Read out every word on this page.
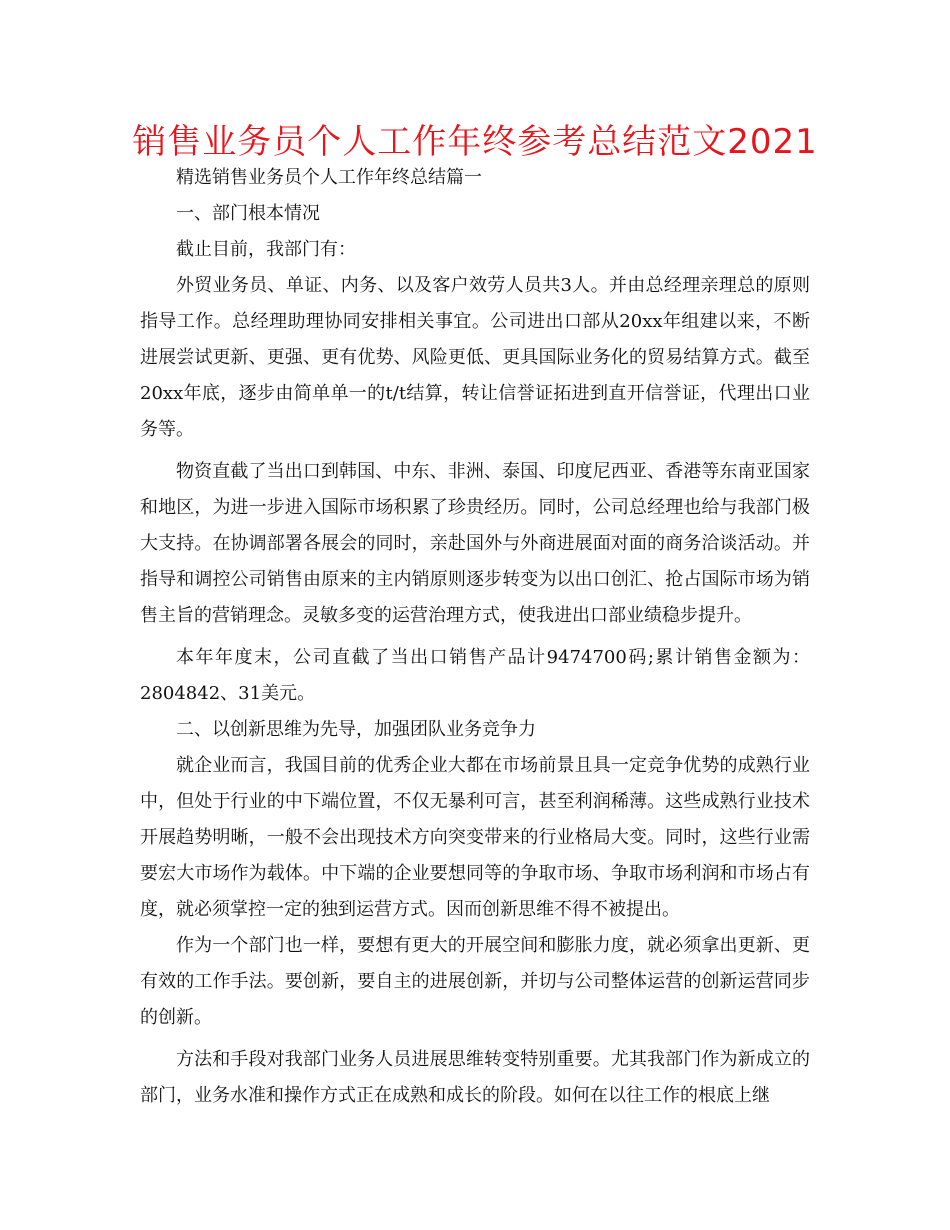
销售业务员个人工作年终参考总结范文2021

精选销售业务员个人工作年终总结篇一

一、部门根本情况

截止目前，我部门有：

外贸业务员、单证、内务、以及客户效劳人员共3人。并由总经理亲理总的原则指导工作。总经理助理协同安排相关事宜。公司进出口部从20xx年组建以来，不断进展尝试更新、更强、更有优势、风险更低、更具国际业务化的贸易结算方式。截至20xx年底，逐步由简单单一的t/t结算，转让信誉证拓进到直开信誉证，代理出口业务等。

物资直截了当出口到韩国、中东、非洲、泰国、印度尼西亚、香港等东南亚国家和地区，为进一步进入国际市场积累了珍贵经历。同时，公司总经理也给与我部门极大支持。在协调部署各展会的同时，亲赴国外与外商进展面对面的商务洽谈活动。并指导和调控公司销售由原来的主内销原则逐步转变为以出口创汇、抢占国际市场为销售主旨的营销理念。灵敏多变的运营治理方式，使我进出口部业绩稳步提升。

本年年度末，公司直截了当出口销售产品计9474700码;累计销售金额为：2804842、31美元。

二、以创新思维为先导，加强团队业务竞争力

就企业而言，我国目前的优秀企业大都在市场前景且具一定竞争优势的成熟行业中，但处于行业的中下端位置，不仅无暴利可言，甚至利润稀薄。这些成熟行业技术开展趋势明晰，一般不会出现技术方向突变带来的行业格局大变。同时，这些行业需要宏大市场作为载体。中下端的企业要想同等的争取市场、争取市场利润和市场占有度，就必须掌控一定的独到运营方式。因而创新思维不得不被提出。

作为一个部门也一样，要想有更大的开展空间和膨胀力度，就必须拿出更新、更有效的工作手法。要创新，要自主的进展创新，并切与公司整体运营的创新运营同步的创新。

方法和手段对我部门业务人员进展思维转变特别重要。尤其我部门作为新成立的部门，业务水准和操作方式正在成熟和成长的阶段。如何在以往工作的根底上继
